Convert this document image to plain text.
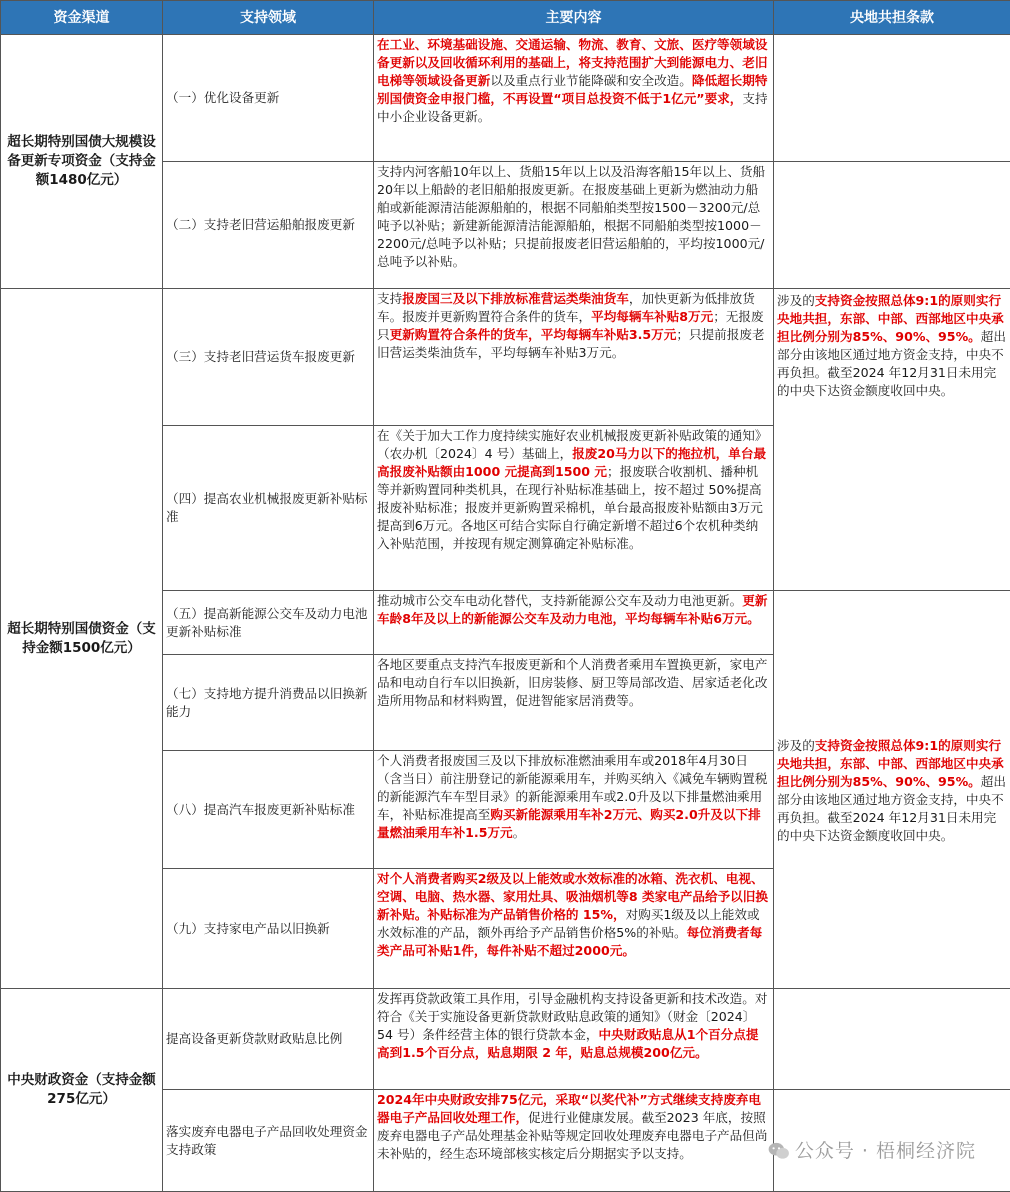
资金渠道	支持领域	主要内容	央地共担条款
超长期特别国债大规模设备更新专项资金（支持金额1480亿元）	（一）优化设备更新	在工业、环境基础设施、交通运输、物流、教育、文旅、医疗等领域设备更新以及回收循环利用的基础上，将支持范围扩大到能源电力、老旧电梯等领域设备更新以及重点行业节能降碳和安全改造。降低超长期特别国债资金申报门槛，不再设置“项目总投资不低于1亿元”要求，支持中小企业设备更新。	
	（二）支持老旧营运船舶报废更新	支持内河客船10年以上、货船15年以上以及沿海客船15年以上、货船20年以上船龄的老旧船舶报废更新。在报废基础上更新为燃油动力船舶或新能源清洁能源船舶的，根据不同船舶类型按1500－3200元/总吨予以补贴；新建新能源清洁能源船舶，根据不同船舶类型按1000－2200元/总吨予以补贴；只提前报废老旧营运船舶的，平均按1000元/总吨予以补贴。	
超长期特别国债资金（支持金额1500亿元）	（三）支持老旧营运货车报废更新	支持报废国三及以下排放标准营运类柴油货车，加快更新为低排放货车。报废并更新购置符合条件的货车，平均每辆车补贴8万元；无报废只更新购置符合条件的货车，平均每辆车补贴3.5万元；只提前报废老旧营运类柴油货车，平均每辆车补贴3万元。	涉及的支持资金按照总体9:1的原则实行央地共担，东部、中部、西部地区中央承担比例分别为85%、90%、95%。超出部分由该地区通过地方资金支持，中央不再负担。截至2024 年12月31日未用完的中央下达资金额度收回中央。
	（四）提高农业机械报废更新补贴标准	在《关于加大工作力度持续实施好农业机械报废更新补贴政策的通知》（农办机〔2024〕4 号）基础上，报废20马力以下的拖拉机，单台最高报废补贴额由1000 元提高到1500 元；报废联合收割机、播种机等并新购置同种类机具，在现行补贴标准基础上，按不超过 50%提高报废补贴标准；报废并更新购置采棉机，单台最高报废补贴额由3万元提高到6万元。各地区可结合实际自行确定新增不超过6个农机种类纳入补贴范围，并按现有规定测算确定补贴标准。	
	（五）提高新能源公交车及动力电池更新补贴标准	推动城市公交车电动化替代，支持新能源公交车及动力电池更新。更新车龄8年及以上的新能源公交车及动力电池，平均每辆车补贴6万元。	涉及的支持资金按照总体9:1的原则实行央地共担，东部、中部、西部地区中央承担比例分别为85%、90%、95%。超出部分由该地区通过地方资金支持，中央不再负担。截至2024 年12月31日未用完的中央下达资金额度收回中央。
	（七）支持地方提升消费品以旧换新能力	各地区要重点支持汽车报废更新和个人消费者乘用车置换更新，家电产品和电动自行车以旧换新，旧房装修、厨卫等局部改造、居家适老化改造所用物品和材料购置，促进智能家居消费等。	
	（八）提高汽车报废更新补贴标准	个人消费者报废国三及以下排放标准燃油乘用车或2018年4月30日（含当日）前注册登记的新能源乘用车，并购买纳入《减免车辆购置税的新能源汽车车型目录》的新能源乘用车或2.0升及以下排量燃油乘用车，补贴标准提高至购买新能源乘用车补2万元、购买2.0升及以下排量燃油乘用车补1.5万元。	
	（九）支持家电产品以旧换新	对个人消费者购买2级及以上能效或水效标准的冰箱、洗衣机、电视、空调、电脑、热水器、家用灶具、吸油烟机等8 类家电产品给予以旧换新补贴。补贴标准为产品销售价格的 15%，对购买1级及以上能效或水效标准的产品，额外再给予产品销售价格5%的补贴。每位消费者每类产品可补贴1件，每件补贴不超过2000元。	
中央财政资金（支持金额275亿元）	提高设备更新贷款财政贴息比例	发挥再贷款政策工具作用，引导金融机构支持设备更新和技术改造。对符合《关于实施设备更新贷款财政贴息政策的通知》（财金〔2024〕54 号）条件经营主体的银行贷款本金，中央财政贴息从1个百分点提高到1.5个百分点，贴息期限 2 年，贴息总规模200亿元。	
	落实废弃电器电子产品回收处理资金支持政策	2024年中央财政安排75亿元，采取“以奖代补”方式继续支持废弃电器电子产品回收处理工作，促进行业健康发展。截至2023 年底，按照废弃电器电子产品处理基金补贴等规定回收处理废弃电器电子产品但尚未补贴的，经生态环境部核实核定后分期据实予以支持。		公众号 · 梧桐经济院
